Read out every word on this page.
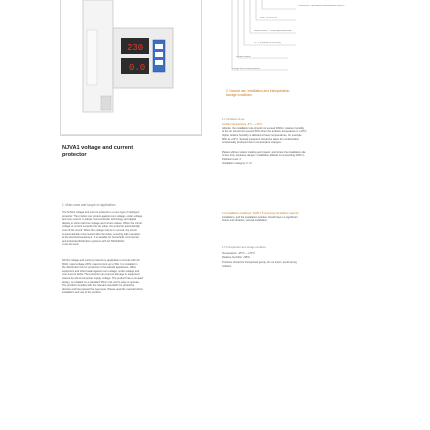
230
0.0
NJVA1 voltage and current
protector
1. Main uses and scope of application
The NJVA1 voltage and current protector is a new type of intelligent
protector. The product can protect against over-voltage, under-voltage
and over-current. It adopts microcontroller technology and digital
display to show real-time voltage and current values. When the circuit
voltage or current exceeds the set value, the protector automatically
cuts off the circuit. When the voltage returns to normal, the circuit
is automatically reconnected after the delay, ensuring safe operation
of the electrical equipment. It is suitable for household, commercial
and industrial distribution systems with AC 50Hz/60Hz.
It can be used.
NJVA1 voltage and current protector is applicable to circuits with AC
50Hz, rated voltage 230V, rated current up to 63A. It is installed in
the distribution box for protection of household appliances, office
equipment and other loads against over-voltage, under-voltage and
over-current faults. The protector can prevent damage to equipment
caused by abnormal power supply voltage. The product has a compact
design, is installed on a standard 35mm rail, and is easy to operate.
The product complies with the relevant standards for protective
devices and has passed the type tests. Please read the manual before
installation and use of the product.
Connection: Top-bottom outlet/bottom-in-top-out
Pole: 1P+N/2P+N
Rated current: 1~63A (adjustable)/40A
1P: 1 (Default)/2P/3P/4P(N)
Design number
Voltage and current protector
2. Normal use, installation and transportation,
storage conditions
2.1 Conditions of use
Ambient temperature -5°C ~ +40°C
Altitude: the installation site should not exceed 2000m; relative humidity
of the air should not exceed 50% when the ambient temperature is +40°C;
higher relative humidity is allowed at lower temperatures, for example
90% at +20°C. Special measures should be taken for condensation
occasionally produced due to temperature changes.
Places without violent shaking and impact, and where the installation site
is free from explosive danger. Installation altitude not exceeding 2000 m.
Pollution level: 2
Installation category: II, III
2.2 Installation conditions: TH35-7.5 mounting rail shall be used for
installation, and the installation position should have no significant
shock and vibration, vertical installation.
2.3 Transportation and storage conditions
Temperature: -25°C ~ +70°C
Relative humidity: ≤95%
Products should be transported gently, do not invert, avoid strong
collision.
